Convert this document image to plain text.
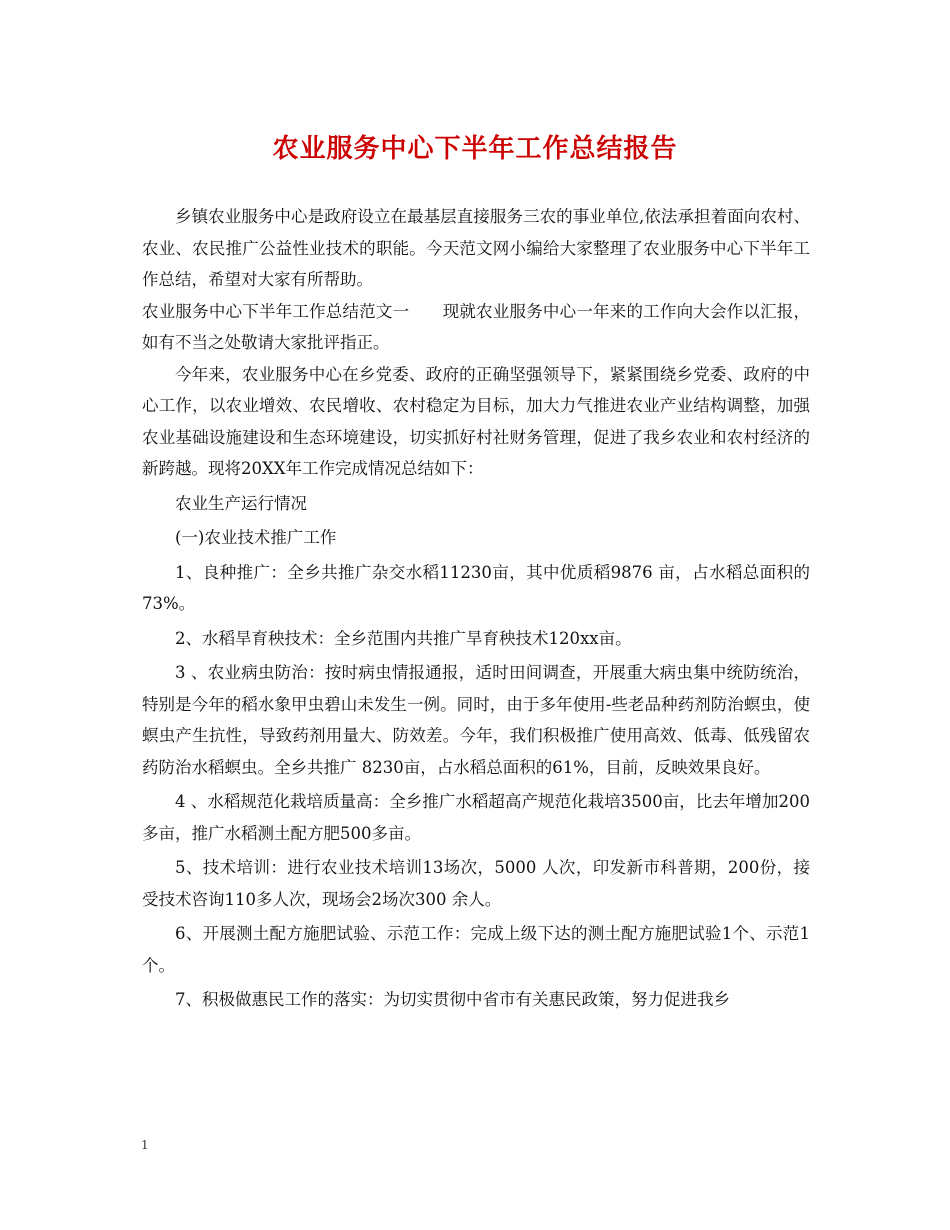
农业服务中心下半年工作总结报告

乡镇农业服务中心是政府设立在最基层直接服务三农的事业单位,依法承担着面向农村、农业、农民推广公益性业技术的职能。今天范文网小编给大家整理了农业服务中心下半年工作总结，希望对大家有所帮助。

农业服务中心下半年工作总结范文一　　现就农业服务中心一年来的工作向大会作以汇报，如有不当之处敬请大家批评指正。

今年来，农业服务中心在乡党委、政府的正确坚强领导下，紧紧围绕乡党委、政府的中心工作，以农业增效、农民增收、农村稳定为目标，加大力气推进农业产业结构调整，加强农业基础设施建设和生态环境建设，切实抓好村社财务管理，促进了我乡农业和农村经济的新跨越。现将20XX年工作完成情况总结如下：

农业生产运行情况

(一)农业技术推广工作

1、良种推广：全乡共推广杂交水稻11230亩，其中优质稻9876 亩，占水稻总面积的73%。

2、水稻旱育秧技术：全乡范围内共推广旱育秧技术120xx亩。

3 、农业病虫防治：按时病虫情报通报，适时田间调查，开展重大病虫集中统防统治，特别是今年的稻水象甲虫碧山未发生一例。同时，由于多年使用-些老品种药剂防治螟虫，使螟虫产生抗性，导致药剂用量大、防效差。今年，我们积极推广使用高效、低毒、低残留农药防治水稻螟虫。全乡共推广 8230亩，占水稻总面积的61%，目前，反映效果良好。

4 、水稻规范化栽培质量高：全乡推广水稻超高产规范化栽培3500亩，比去年增加200多亩，推广水稻测土配方肥500多亩。

5、技术培训：进行农业技术培训13场次，5000 人次，印发新市科普期，200份，接受技术咨询110多人次，现场会2场次300 余人。

6、开展测土配方施肥试验、示范工作：完成上级下达的测土配方施肥试验1个、示范1个。

7、积极做惠民工作的落实：为切实贯彻中省市有关惠民政策，努力促进我乡

1
